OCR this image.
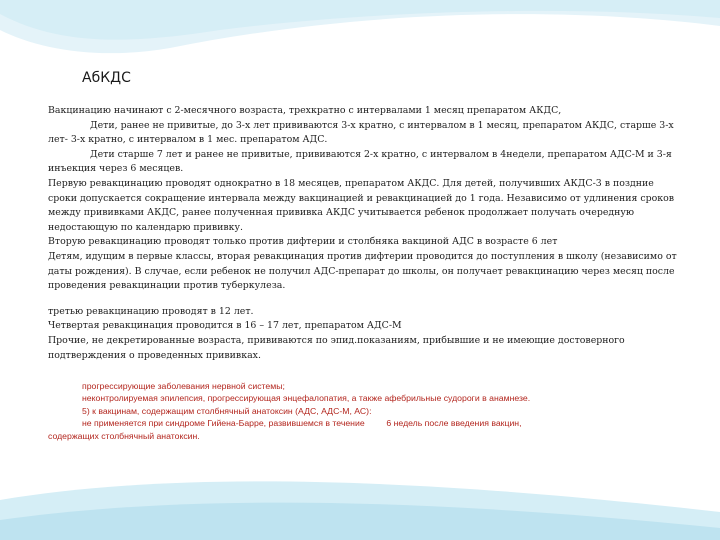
АбКДС

Вакцинацию начинают с 2-месячного возраста, трехкратно с интервалами 1 месяц препаратом АКДС,

Дети, ранее не привитые, до 3-х лет прививаются 3-х кратно, с интервалом в 1 месяц, препаратом АКДС, старше 3-х лет- 3-х кратно, с интервалом в 1 мес. препаратом АДС.

Дети старше 7 лет и ранее не привитые, прививаются 2-х кратно, с интервалом в 4недели, препаратом АДС-М и 3-я инъекция через 6 месяцев.

Первую ревакцинацию проводят однократно в 18 месяцев, препаратом АКДС. Для детей, получивших АКДС-3 в поздние сроки допускается сокращение интервала между вакцинацией и ревакцинацией до 1 года. Независимо от удлинения сроков между прививками АКДС, ранее полученная прививка АКДС учитывается ребенок продолжает получать очередную недостающую по календарю прививку.

Вторую ревакцинацию проводят только против дифтерии и столбняка вакциной АДС в возрасте 6 лет

Детям, идущим в первые классы, вторая ревакцинация против дифтерии проводится до поступления в школу (независимо от даты рождения). В случае, если ребенок не получил АДС-препарат до школы, он получает ревакцинацию через месяц после проведения ревакцинации против туберкулеза.

третью ревакцинацию проводят в 12 лет.

Четвертая ревакцинация проводится в 16 – 17 лет, препаратом АДС-М

Прочие, не декретированные возраста, прививаются по эпид.показаниям, прибывшие и не имеющие достоверного подтверждения о проведенных прививках.

прогрессирующие заболевания нервной системы;

неконтролируемая эпилепсия, прогрессирующая энцефалопатия, а также афебрильные судороги в анамнезе.

5) к вакцинам, содержащим столбнячный анатоксин (АДС, АДС-М, АС):

не применяется при синдроме Гийена-Барре, развившемся в течение         6 недель после введения вакцин,

содержащих столбнячный анатоксин.
